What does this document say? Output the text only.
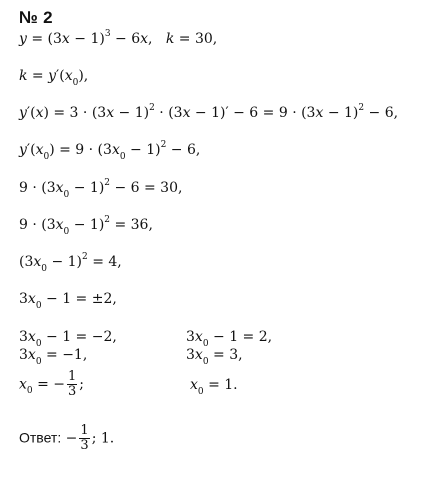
№ 2
$y = (3x - 1)^3 - 6x$,   k = 30,
$k = y'(x_0)$,
$y'(x) = 3 \cdot (3x - 1)^2 \cdot (3x - 1)' - 6 = 9 \cdot (3x - 1)^2 - 6$,
$y'(x_0) = 9 \cdot (3x_0 - 1)^2 - 6$,
$9 \cdot (3x_0 - 1)^2 - 6 = 30$,
$9 \cdot (3x_0 - 1)^2 = 36$,
$(3x_0 - 1)^2 = 4$,
$3x_0 - 1 = \pm 2$,
$3x_0 - 1 = -2$,	$3x_0 - 1 = 2$,
$3x_0 = -1$,	$3x_0 = 3$,
$x_0$ = − $\frac{1}{3}$ ;	$x_0 = 1$.
Ответ: − $\frac{1}{3}$ ; 1.
